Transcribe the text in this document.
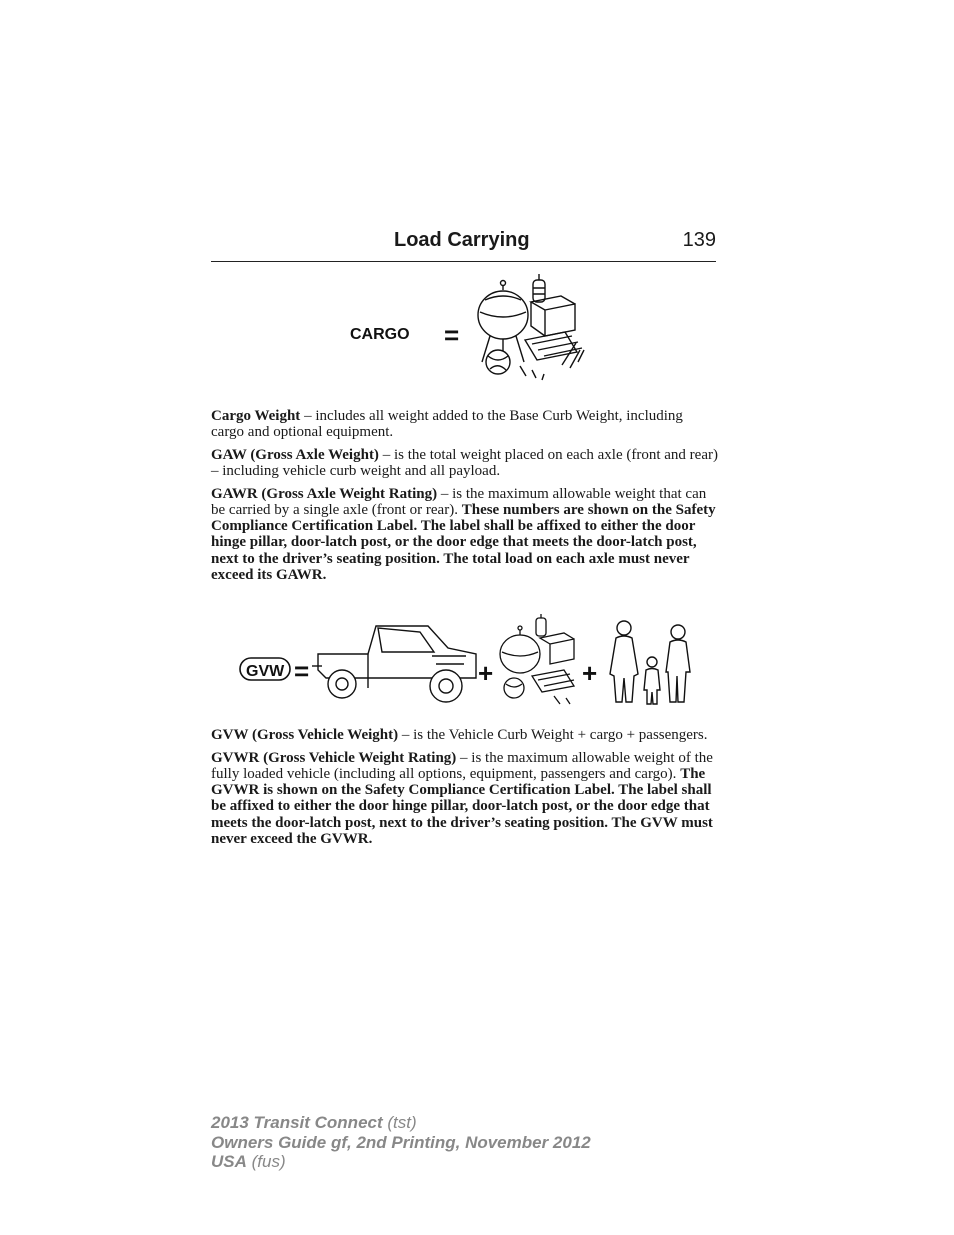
Load Carrying	139
CARGO =

Cargo Weight – includes all weight added to the Base Curb Weight, including cargo and optional equipment.

GAW (Gross Axle Weight) – is the total weight placed on each axle (front and rear) – including vehicle curb weight and all payload.

GAWR (Gross Axle Weight Rating) – is the maximum allowable weight that can be carried by a single axle (front or rear). These numbers are shown on the Safety Compliance Certification Label. The label shall be affixed to either the door hinge pillar, door-latch post, or the door edge that meets the door-latch post, next to the driver’s seating position. The total load on each axle must never exceed its GAWR.

GVW =	+	+

GVW (Gross Vehicle Weight) – is the Vehicle Curb Weight + cargo + passengers.

GVWR (Gross Vehicle Weight Rating) – is the maximum allowable weight of the fully loaded vehicle (including all options, equipment, passengers and cargo). The GVWR is shown on the Safety Compliance Certification Label. The label shall be affixed to either the door hinge pillar, door-latch post, or the door edge that meets the door-latch post, next to the driver’s seating position. The GVW must never exceed the GVWR.

2013 Transit Connect (tst)
Owners Guide gf, 2nd Printing, November 2012
USA (fus)
